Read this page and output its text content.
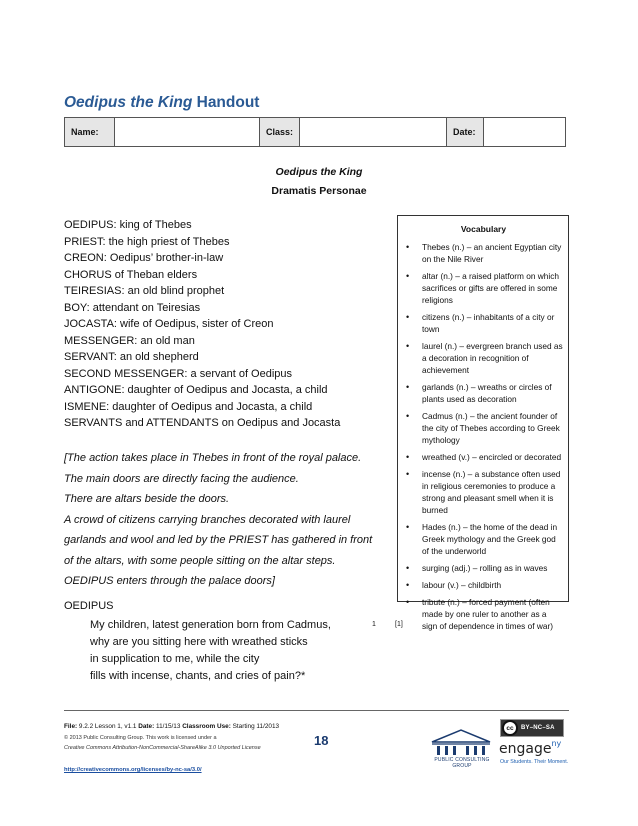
Oedipus the King Handout
Name:	Class:	Date:
Oedipus the King
Dramatis Personae
OEDIPUS: king of Thebes
PRIEST: the high priest of Thebes
CREON: Oedipus’ brother-in-law
CHORUS of Theban elders
TEIRESIAS: an old blind prophet
BOY: attendant on Teiresias
JOCASTA: wife of Oedipus, sister of Creon
MESSENGER: an old man
SERVANT: an old shepherd
SECOND MESSENGER: a servant of Oedipus
ANTIGONE: daughter of Oedipus and Jocasta, a child
ISMENE: daughter of Oedipus and Jocasta, a child
SERVANTS and ATTENDANTS on Oedipus and Jocasta
[The action takes place in Thebes in front of the royal palace.
The main doors are directly facing the audience.
There are altars beside the doors.
A crowd of citizens carrying branches decorated with laurel
garlands and wool and led by the PRIEST has gathered in front
of the altars, with some people sitting on the altar steps.
OEDIPUS enters through the palace doors]
OEDIPUS
My children, latest generation born from Cadmus,
why are you sitting here with wreathed sticks
in supplication to me, while the city
fills with incense, chants, and cries of pain?*
1	[1]
Vocabulary
• Thebes (n.) – an ancient Egyptian city on the Nile River
• altar (n.) – a raised platform on which sacrifices or gifts are offered in some religions
• citizens (n.) – inhabitants of a city or town
• laurel (n.) – evergreen branch used as a decoration in recognition of achievement
• garlands (n.) – wreaths or circles of plants used as decoration
• Cadmus (n.) – the ancient founder of the city of Thebes according to Greek mythology
• wreathed (v.) – encircled or decorated
• incense (n.) – a substance often used in religious ceremonies to produce a strong and pleasant smell when it is burned
• Hades (n.) – the home of the dead in Greek mythology and the Greek god of the underworld
• surging (adj.) – rolling as in waves
• labour (v.) – childbirth
• tribute (n.) – forced payment (often made by one ruler to another as a sign of dependence in times of war)
File: 9.2.2 Lesson 1, v1.1 Date: 11/15/13 Classroom Use: Starting 11/2013
© 2013 Public Consulting Group. This work is licensed under a
Creative Commons Attribution-NonCommercial-ShareAlike 3.0 Unported License
http://creativecommons.org/licenses/by-nc-sa/3.0/
18
PUBLIC CONSULTING GROUP
cc	BY–NC–SA
engage$^{ny}$
Our Students. Their Moment.
